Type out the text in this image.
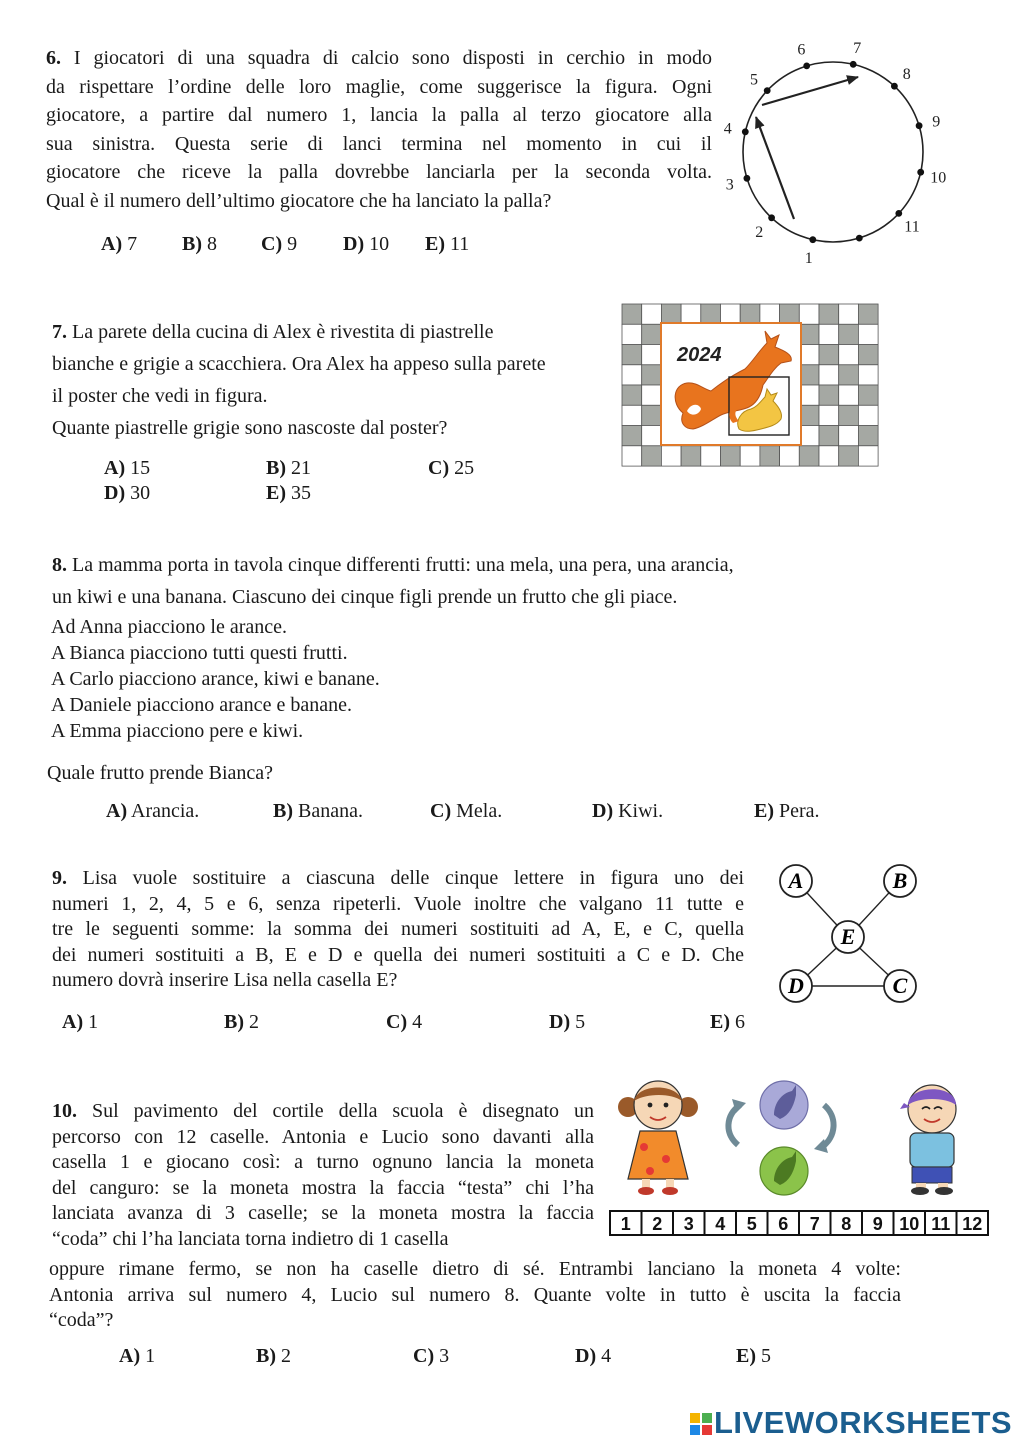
6. I giocatori di una squadra di calcio sono disposti in cerchio in modo
da rispettare l’ordine delle loro maglie, come suggerisce la figura. Ogni
giocatore, a partire dal numero 1, lancia la palla al terzo giocatore alla
sua sinistra. Questa serie di lanci termina nel momento in cui il
giocatore che riceve la palla dovrebbe lanciarla per la seconda volta.
Qual è il numero dell’ultimo giocatore che ha lanciato la palla?
A) 7 B) 8 C) 9 D) 10 E) 11
1
2
3
4
5
6	7
8
9
10
11
7. La parete della cucina di Alex è rivestita di piastrelle
bianche e grigie a scacchiera. Ora Alex ha appeso sulla parete
il poster che vedi in figura.
Quante piastrelle grigie sono nascoste dal poster?
A) 15	B) 21	C) 25
D) 30	E) 35
2024
8. La mamma porta in tavola cinque differenti frutti: una mela, una pera, una arancia,
un kiwi e una banana. Ciascuno dei cinque figli prende un frutto che gli piace.
Ad Anna piacciono le arance.
A Bianca piacciono tutti questi frutti.
A Carlo piacciono arance, kiwi e banane.
A Daniele piacciono arance e banane.
A Emma piacciono pere e kiwi.
Quale frutto prende Bianca?
A) Arancia.	B) Banana.	C) Mela.	D) Kiwi.	E) Pera.
9. Lisa vuole sostituire a ciascuna delle cinque lettere in figura uno dei
numeri 1, 2, 4, 5 e 6, senza ripeterli. Vuole inoltre che valgano 11 tutte e
tre le seguenti somme: la somma dei numeri sostituiti ad A, E, e C, quella
dei numeri sostituiti a B, E e D e quella dei numeri sostituiti a C e D. Che
numero dovrà inserire Lisa nella casella E?
A) 1	B) 2	C) 4	D) 5	E) 6
A	B
E
D	C
10. Sul pavimento del cortile della scuola è disegnato un
percorso con 12 caselle. Antonia e Lucio sono davanti alla
casella 1 e giocano così: a turno ognuno lancia la moneta
del canguro: se la moneta mostra la faccia “testa” chi l’ha
lanciata avanza di 3 caselle; se la moneta mostra la faccia
“coda” chi l’ha lanciata torna indietro di 1 casella
oppure rimane fermo, se non ha caselle dietro di sé. Entrambi lanciano la moneta 4 volte:
Antonia arriva sul numero 4, Lucio sul numero 8. Quante volte in tutto è uscita la faccia
“coda”?
A) 1	B) 2	C) 3	D) 4	E) 5
1 2 3 4 5 6 7 8 9 10 11 12
LIVEWORKSHEETS
